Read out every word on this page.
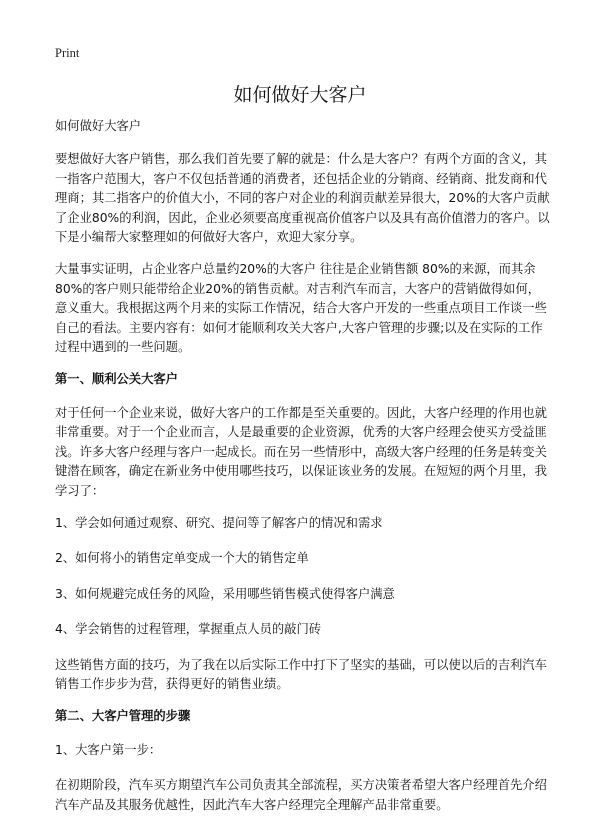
Print
如何做好大客户

如何做好大客户

要想做好大客户销售，那么我们首先要了解的就是：什么是大客户？有两个方面的含义，其一指客户范围大，客户不仅包括普通的消费者，还包括企业的分销商、经销商、批发商和代理商；其二指客户的价值大小，不同的客户对企业的利润贡献差异很大，20%的大客户贡献了企业80%的利润，因此，企业必须要高度重视高价值客户以及具有高价值潜力的客户。以下是小编帮大家整理如的何做好大客户，欢迎大家分享。

大量事实证明，占企业客户总量约20%的大客户 往往是企业销售额 80%的来源，而其余80%的客户则只能带给企业20%的销售贡献。对吉利汽车而言，大客户的营销做得如何，意义重大。我根据这两个月来的实际工作情况，结合大客户开发的一些重点项目工作谈一些自己的看法。主要内容有：如何才能顺利攻关大客户,大客户管理的步骤;以及在实际的工作过程中遇到的一些问题。

第一、顺利公关大客户

对于任何一个企业来说，做好大客户的工作都是至关重要的。因此，大客户经理的作用也就非常重要。对于一个企业而言，人是最重要的企业资源，优秀的大客户经理会使买方受益匪浅。许多大客户经理与客户一起成长。而在另一些情形中，高级大客户经理的任务是转变关键潜在顾客，确定在新业务中使用哪些技巧，以保证该业务的发展。在短短的两个月里，我学习了：

1、学会如何通过观察、研究、提问等了解客户的情况和需求

2、如何将小的销售定单变成一个大的销售定单

3、如何规避完成任务的风险，采用哪些销售模式使得客户满意

4、学会销售的过程管理，掌握重点人员的敲门砖

这些销售方面的技巧，为了我在以后实际工作中打下了坚实的基础，可以使以后的吉利汽车销售工作步步为营，获得更好的销售业绩。

第二、大客户管理的步骤

1、大客户第一步：

在初期阶段，汽车买方期望汽车公司负责其全部流程，买方决策者希望大客户经理首先介绍汽车产品及其服务优越性，因此汽车大客户经理完全理解产品非常重要。
